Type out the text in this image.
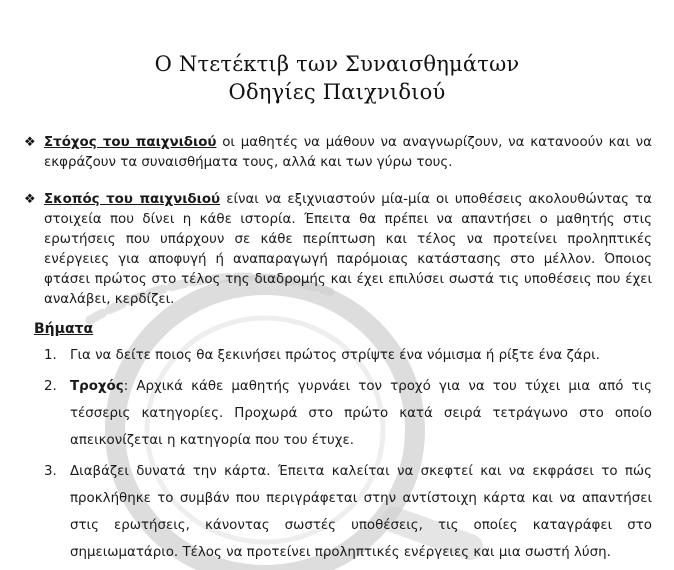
Ο Ντετέκτιβ των Συναισθημάτων
Οδηγίες Παιχνιδιού
❖ Στόχος του παιχνιδιού οι μαθητές να μάθουν να αναγνωρίζουν, να κατανοούν και να εκφράζουν τα συναισθήματα τους, αλλά και των γύρω τους.
❖ Σκοπός του παιχνιδιού είναι να εξιχνιαστούν μία-μία οι υποθέσεις ακολουθώντας τα στοιχεία που δίνει η κάθε ιστορία. Έπειτα θα πρέπει να απαντήσει ο μαθητής στις ερωτήσεις που υπάρχουν σε κάθε περίπτωση και τέλος να προτείνει προληπτικές ενέργειες για αποφυγή ή αναπαραγωγή παρόμοιας κατάστασης στο μέλλον. Όποιος φτάσει πρώτος στο τέλος της διαδρομής και έχει επιλύσει σωστά τις υποθέσεις που έχει αναλάβει, κερδίζει.
Βήματα
1. Για να δείτε ποιος θα ξεκινήσει πρώτος στρίψτε ένα νόμισμα ή ρίξτε ένα ζάρι.
2. Τροχός: Αρχικά κάθε μαθητής γυρνάει τον τροχό για να του τύχει μια από τις τέσσερις κατηγορίες. Προχωρά στο πρώτο κατά σειρά τετράγωνο στο οποίο απεικονίζεται η κατηγορία που του έτυχε.
3. Διαβάζει δυνατά την κάρτα. Έπειτα καλείται να σκεφτεί και να εκφράσει το πώς προκλήθηκε το συμβάν που περιγράφεται στην αντίστοιχη κάρτα και να απαντήσει στις ερωτήσεις, κάνοντας σωστές υποθέσεις, τις οποίες καταγράφει στο σημειωματάριο. Τέλος να προτείνει προληπτικές ενέργειες και μια σωστή λύση.
